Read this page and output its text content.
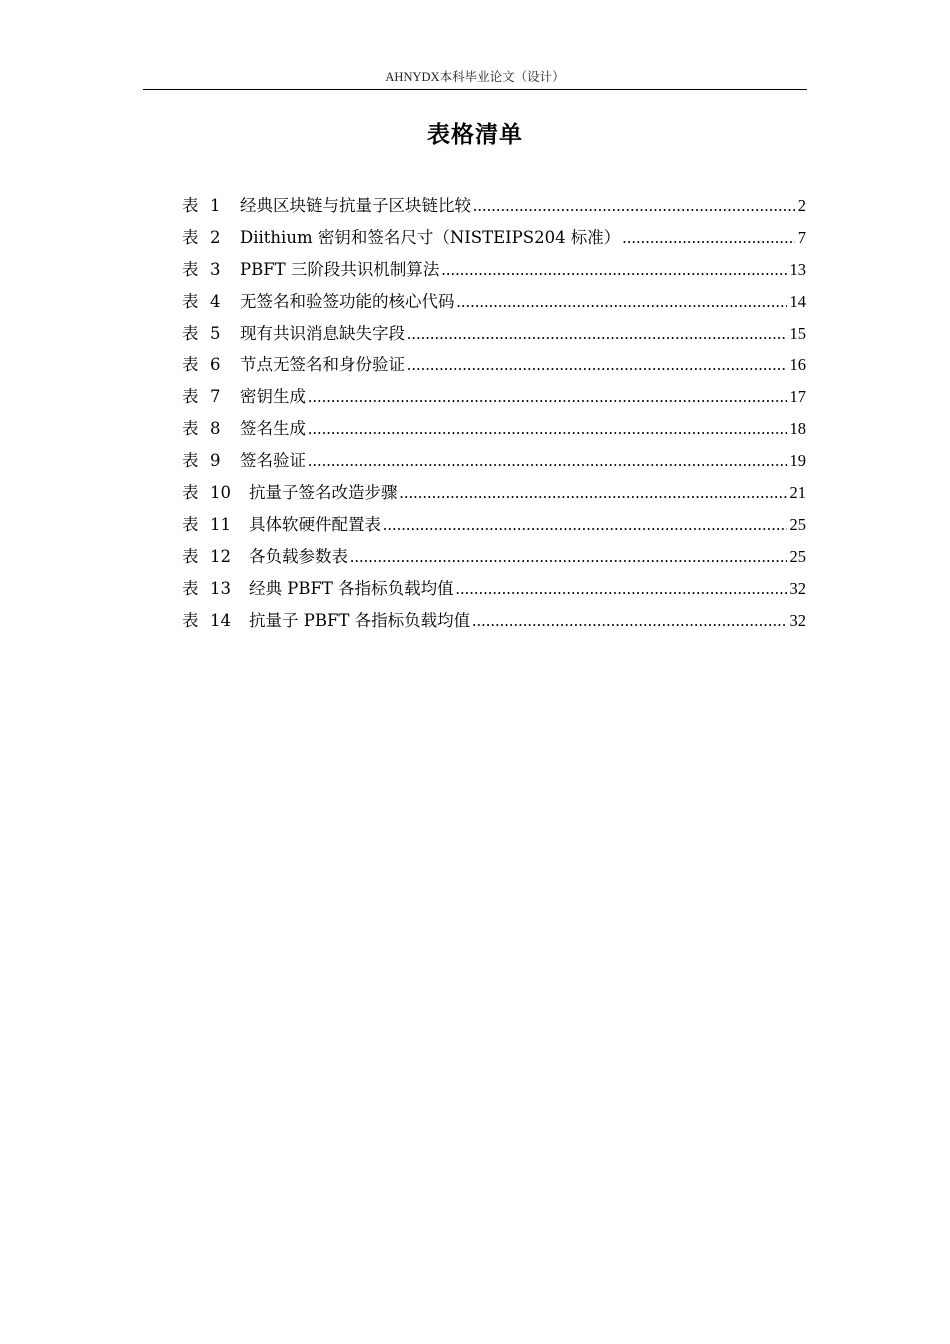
AHNYDX本科毕业论文（设计）
表格清单
表 1 经典区块链与抗量子区块链比较 .....	2
表 2 Diithium 密钥和签名尺寸（NISTEIPS204 标准） .....	7
表 3 PBFT 三阶段共识机制算法 .....	13
表 4 无签名和验签功能的核心代码 .....	14
表 5 现有共识消息缺失字段 .....	15
表 6 节点无签名和身份验证 .....	16
表 7 密钥生成 .....	17
表 8 签名生成 .....	18
表 9 签名验证 .....	19
表 10 抗量子签名改造步骤 .....	21
表 11 具体软硬件配置表 .....	25
表 12 各负载参数表 .....	25
表 13 经典 PBFT 各指标负载均值 .....	32
表 14 抗量子 PBFT 各指标负载均值 .....	32
